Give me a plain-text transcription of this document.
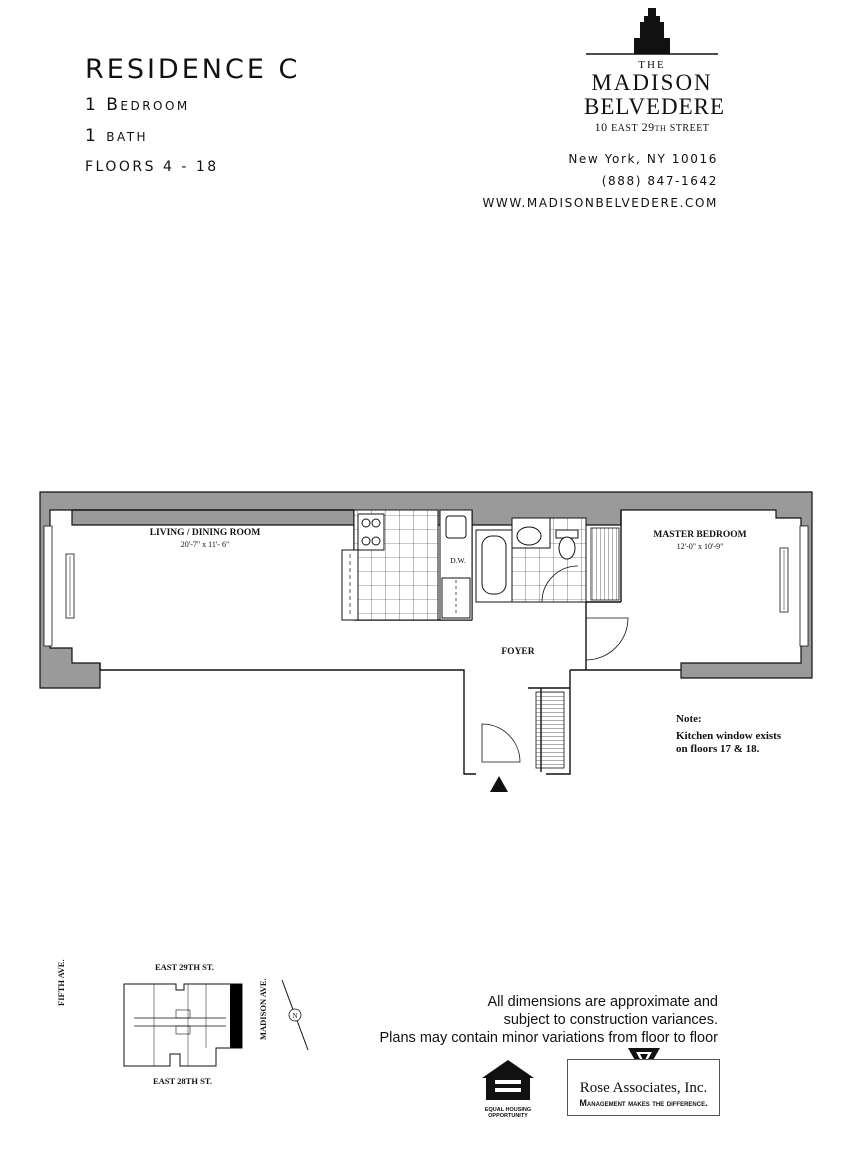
RESIDENCE C
1 Bedroom
1 bath
FLOORS 4 - 18
THE
MADISON
BELVEDERE
10 EAST 29TH STREET
New York, NY 10016
(888) 847-1642
WWW.MADISONBELVEDERE.COM
LIVING / DINING ROOM
20'-7" x 11'- 6"
MASTER BEDROOM
12'-0" x 10'-9"
FOYER
D.W.
Note:
Kitchen window exists
on floors 17 & 18.
EAST 29TH ST.
EAST 28TH ST.
FIFTH AVE.	MADISON AVE.	N
All dimensions are approximate and
subject to construction variances.
Plans may contain minor variations from floor to floor
EQUAL HOUSING
OPPORTUNITY
Rose Associates, Inc.
Management makes the difference.
